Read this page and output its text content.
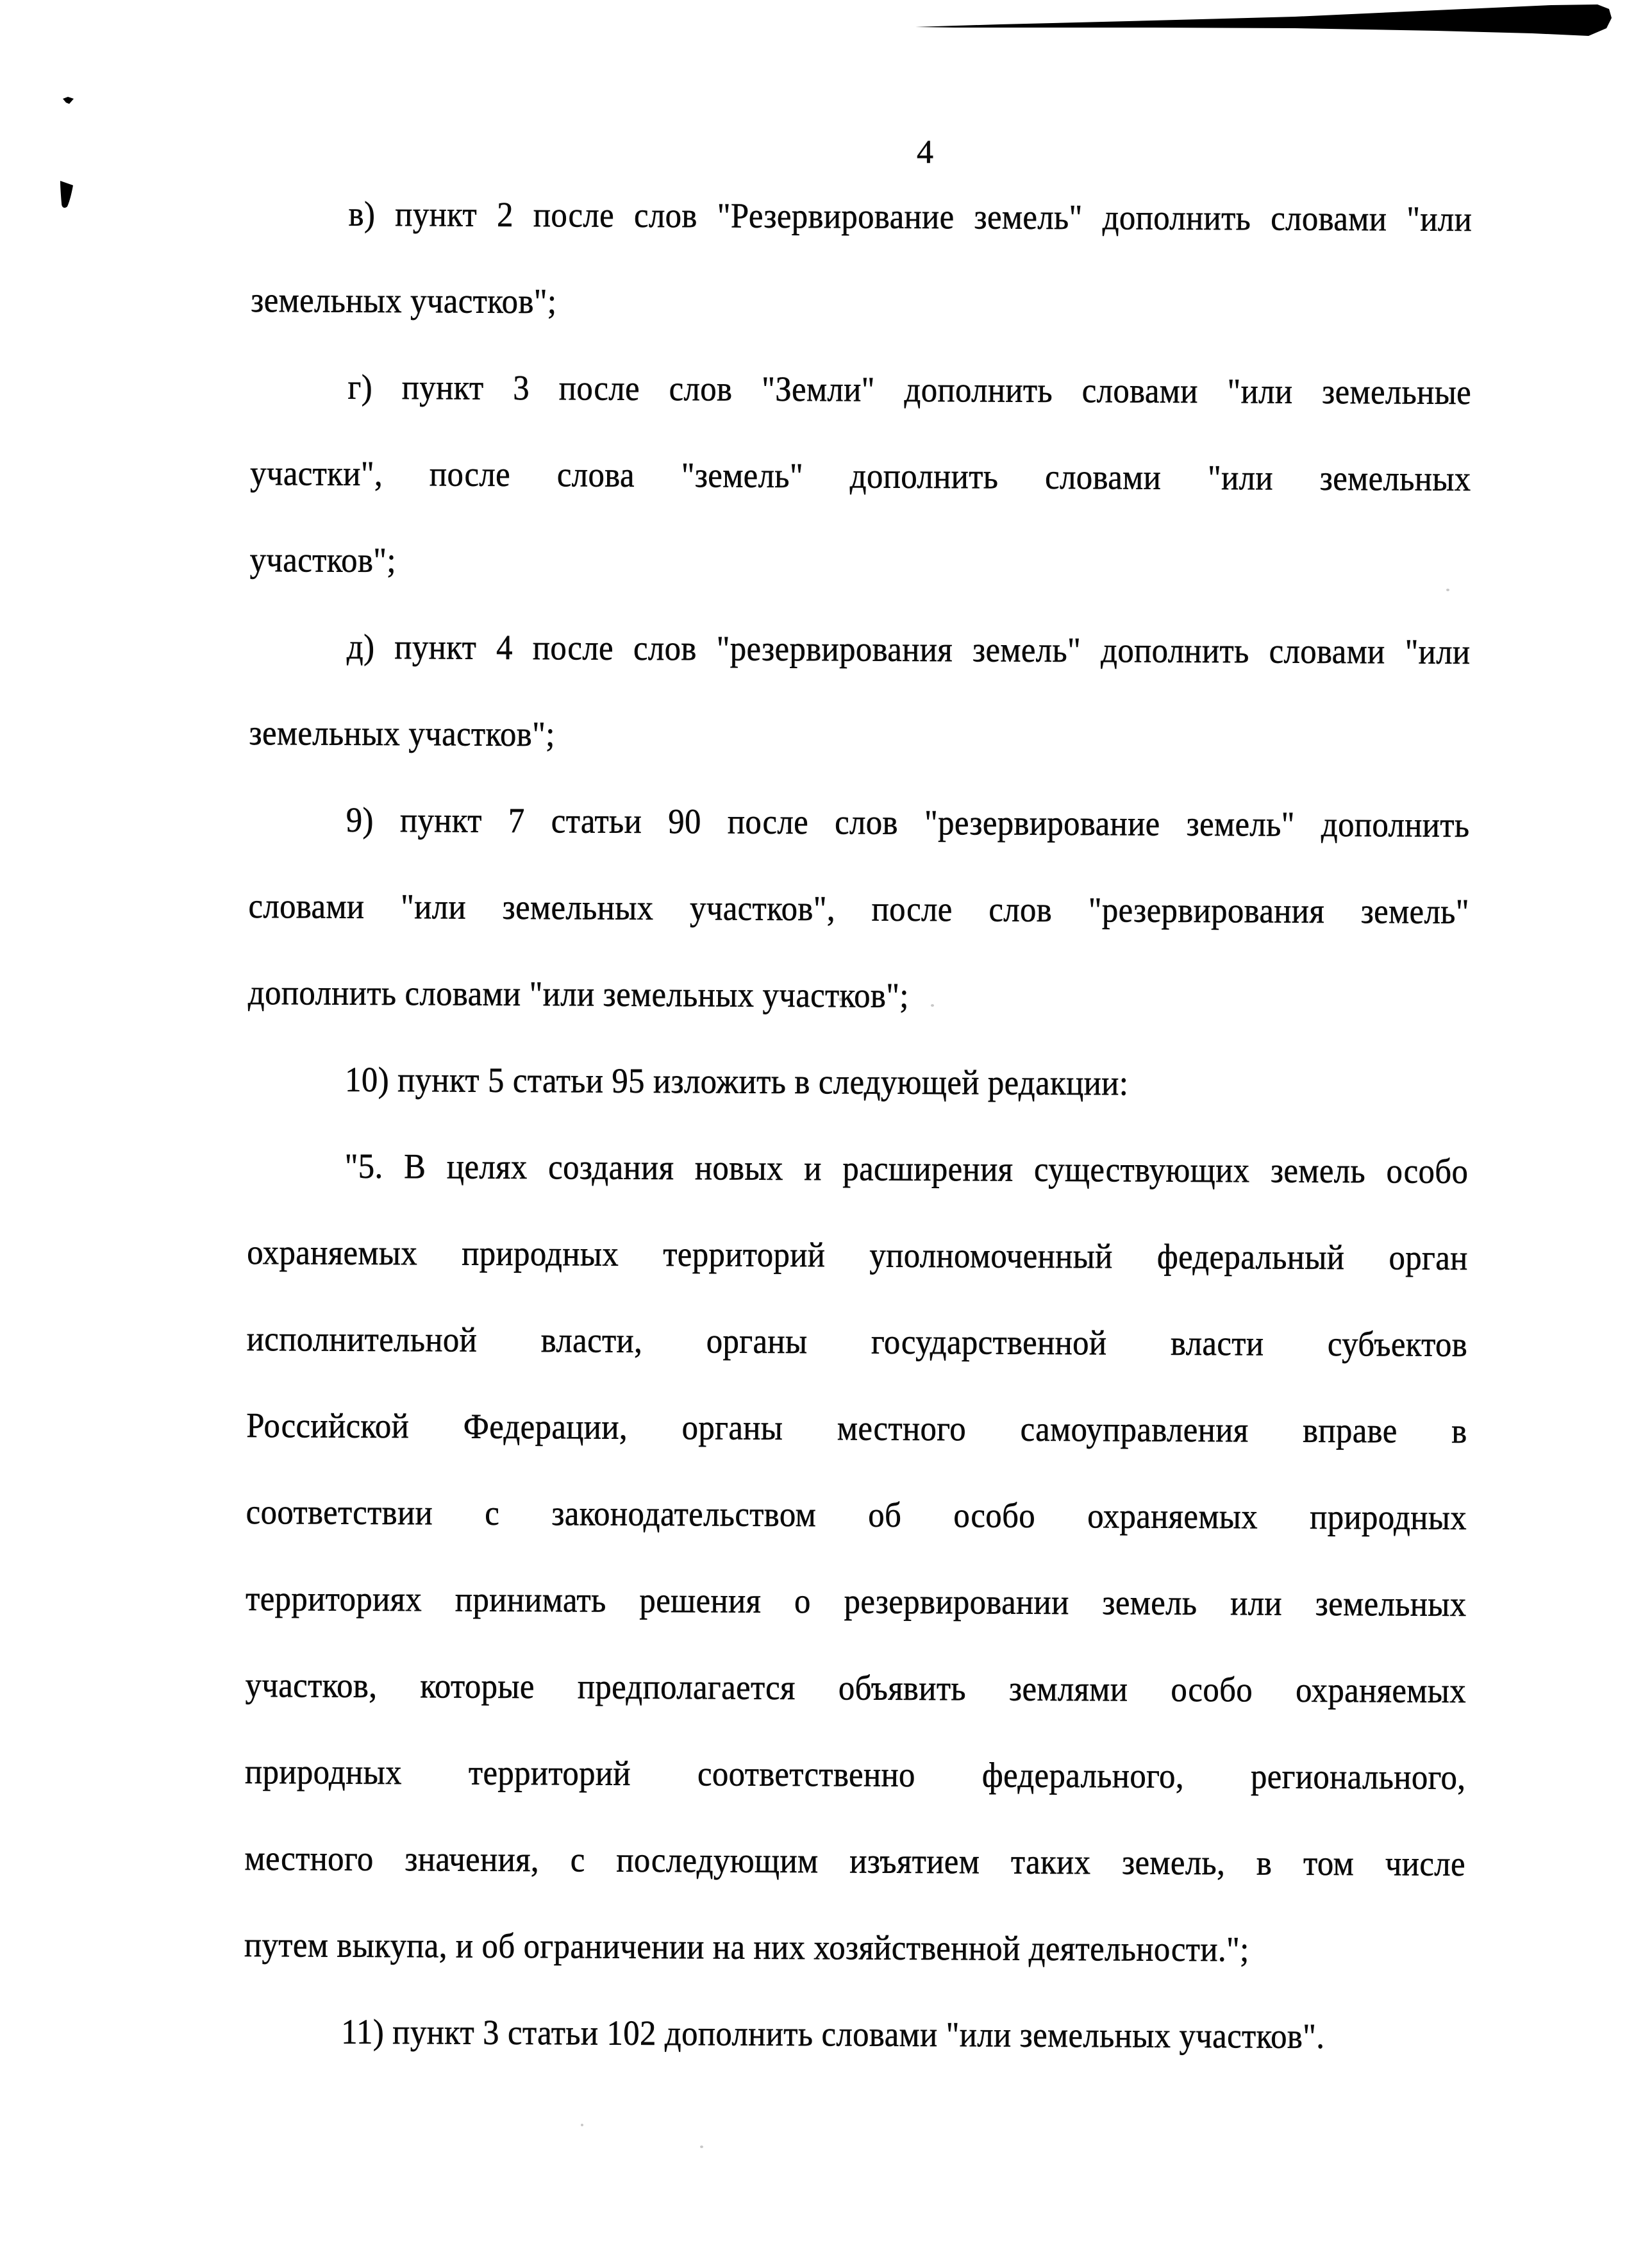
4
в) пункт 2 после слов "Резервирование земель" дополнить словами "или
земельных участков";
г) пункт 3 после слов "Земли" дополнить словами "или земельные
участки", после слова "земель" дополнить словами "или земельных
участков";
д) пункт 4 после слов "резервирования земель" дополнить словами "или
земельных участков";
9) пункт 7 статьи 90 после слов "резервирование земель" дополнить
словами "или земельных участков", после слов "резервирования земель"
дополнить словами "или земельных участков";
10) пункт 5 статьи 95 изложить в следующей редакции:
"5. В целях создания новых и расширения существующих земель особо
охраняемых природных территорий уполномоченный федеральный орган
исполнительной власти, органы государственной власти субъектов
Российской Федерации, органы местного самоуправления вправе в
соответствии с законодательством об особо охраняемых природных
территориях принимать решения о резервировании земель или земельных
участков, которые предполагается объявить землями особо охраняемых
природных территорий соответственно федерального, регионального,
местного значения, с последующим изъятием таких земель, в том числе
путем выкупа, и об ограничении на них хозяйственной деятельности.";
11) пункт 3 статьи 102 дополнить словами "или земельных участков".
